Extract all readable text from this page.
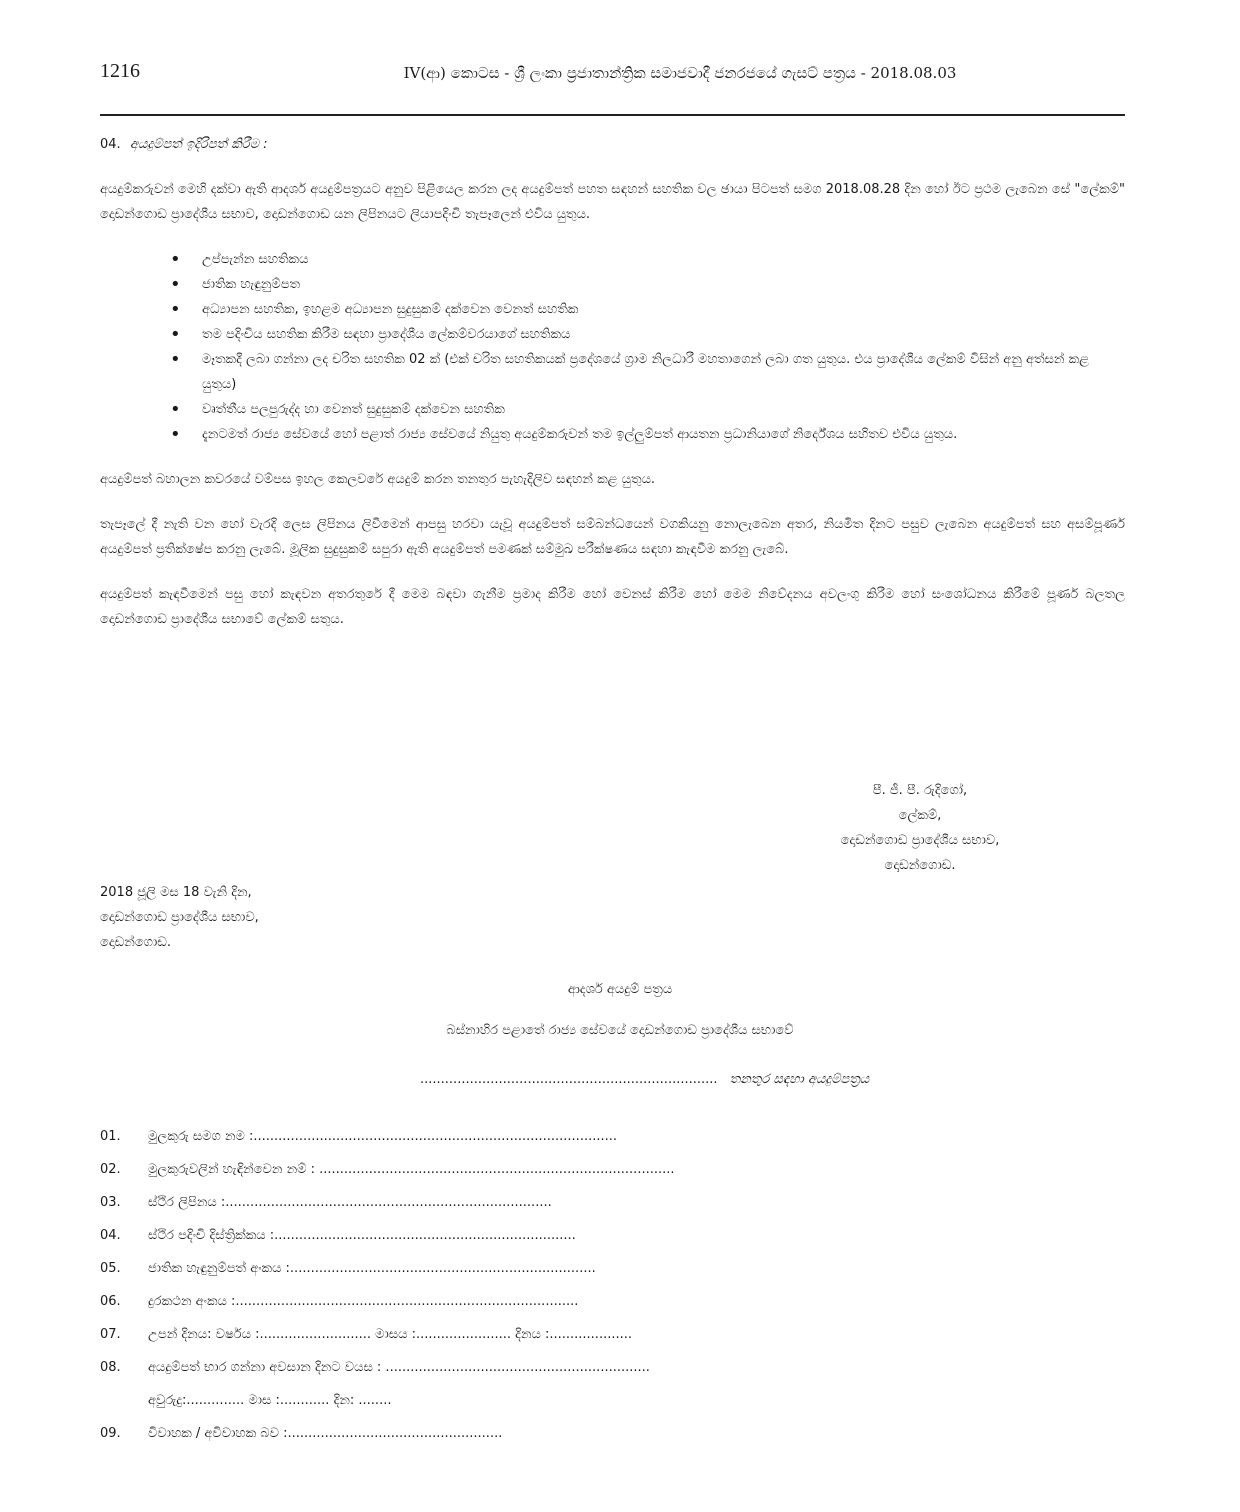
1216	IV(ආ) කොටස - ශ්‍රී ලංකා ප්‍රජාතාන්ත්‍රික සමාජවාදී ජනරජයේ ගැසට් පත්‍රය - 2018.08.03
04. අයදුම්පත් ඉදිරිපත් කිරීම :

අයදුම්කරුවන් මෙහි දක්වා ඇති ආදර්ශ අයදුම්පත්‍රයට අනුව පිළියෙල කරන ලද අයදුම්පත් පහත සඳහන් සහතික වල ඡායා පිටපත් සමග 2018.08.28 දින හෝ ඊට ප්‍රථම ලැබෙන සේ "ලේකම්" දොඩන්ගොඩ ප්‍රාදේශීය සභාව, දොඩන්ගොඩ යන ලිපිනයට ලියාපදිංචි තැපෑලෙන් එවිය යුතුය.

• උප්පැන්න සහතිකය
• ජාතික හැඳුනුම්පත
• අධ්‍යාපන සහතික, ඉහළම අධ්‍යාපන සුදුසුකම් දක්වෙන වෙනත් සහතික
• තම පදිංචිය සහතික කිරීම සඳහා ප්‍රාදේශීය ලේකම්වරයාගේ සහතිකය
• මෑතකදී ලබා ගන්නා ලද චරිත සහතික 02 ක් (එක් චරිත සහතිකයක් ප්‍රදේශයේ ග්‍රාම නිලධාරී මහතාගෙන් ලබා ගත යුතුය. එය ප්‍රාදේශීය ලේකම් විසින් අනු අත්සන් කළ යුතුය)
• වෘත්තීය පලපුරුද්ද හා වෙනත් සුදුසුකම් දක්වෙන සහතික
• දැනටමත් රාජ්‍ය සේවයේ හෝ පළාත් රාජ්‍ය සේවයේ නියුතු අයදුම්කරුවන් තම ඉල්ලුම්පත් ආයතන ප්‍රධානියාගේ නිර්දේශය සහිතව එවිය යුතුය.

අයදුම්පත් බහාලන කවරයේ වම්පස ඉහල කෙලවරේ අයදුම් කරන තනතුර පැහැදිලිව සඳහන් කළ යුතුය.

තැපෑලේ දී නැති වන හෝ වැරදි ලෙස ලිපිනය ලිවීමෙන් ආපසු හරවා යැවූ අයදුම්පත් සම්බන්ධයෙන් වගකියනු නොලැබෙන අතර, නියමිත දිනට පසුව ලැබෙන අයදුම්පත් සහ අසම්පූර්ණ අයදුම්පත් ප්‍රතික්ෂේප කරනු ලැබේ. මූලික සුදුසුකම් සපුරා ඇති අයදුම්පත් පමණක් සම්මුඛ පරීක්ෂණය සඳහා කැඳවීම කරනු ලැබේ.

අයදුම්පත් කැඳවීමෙන් පසු හෝ කැඳවන අතරතුරේ දී මෙම බඳවා ගැනීම ප්‍රමාද කිරීම හෝ වෙනස් කිරීම හෝ මෙම නිවේදනය අවලංගු කිරීම හෝ සංශෝධනය කිරීමේ පූර්ණ බලතල දොඩන්ගොඩ ප්‍රාදේශීය සභාවේ ලේකම් සතුය.

පී. ජී. පී. රුදිගෝ,
ලේකම්,
දොඩන්ගොඩ ප්‍රාදේශීය සභාව,
දොඩන්ගොඩ.
2018 ජූලි මස 18 වැනි දින,
දොඩන්ගොඩ ප්‍රාදේශීය සභාව,
දොඩන්ගොඩ.
ආදර්ශ අයදුම් පත්‍රය
බස්නාහිර පළාතේ රාජ්‍ය සේවයේ දොඩන්ගොඩ ප්‍රාදේශීය සභාවේ
........................................................................ තනතුර සඳහා අයදුම්පත්‍රය
01.	මුලකුරු සමග නම :........................................................................................
02.	මුලකුරුවලින් හැඳින්වෙන නම් ‍: ......................................................................................
03.	ස්ථිර ලිපිනය :...............................................................................
04.	ස්ථිර පදිංචි දිස්ත්‍රික්කය :.........................................................................
05.	ජාතික හැඳුනුම්පත් අංකය :..........................................................................
06.	දුරකථන අංකය :...................................................................................
07.	උපන් දිනය: වර්ෂය :........................... මාසය :....................... දිනය :....................
08.	අයදුම්පත් භාර ගන්නා අවසාන දිනට වයස ‍: ................................................................
අවුරුදු:.............. මාස :............ දින: ........
09.	විවාහක / අවිවාහක බව :....................................................
